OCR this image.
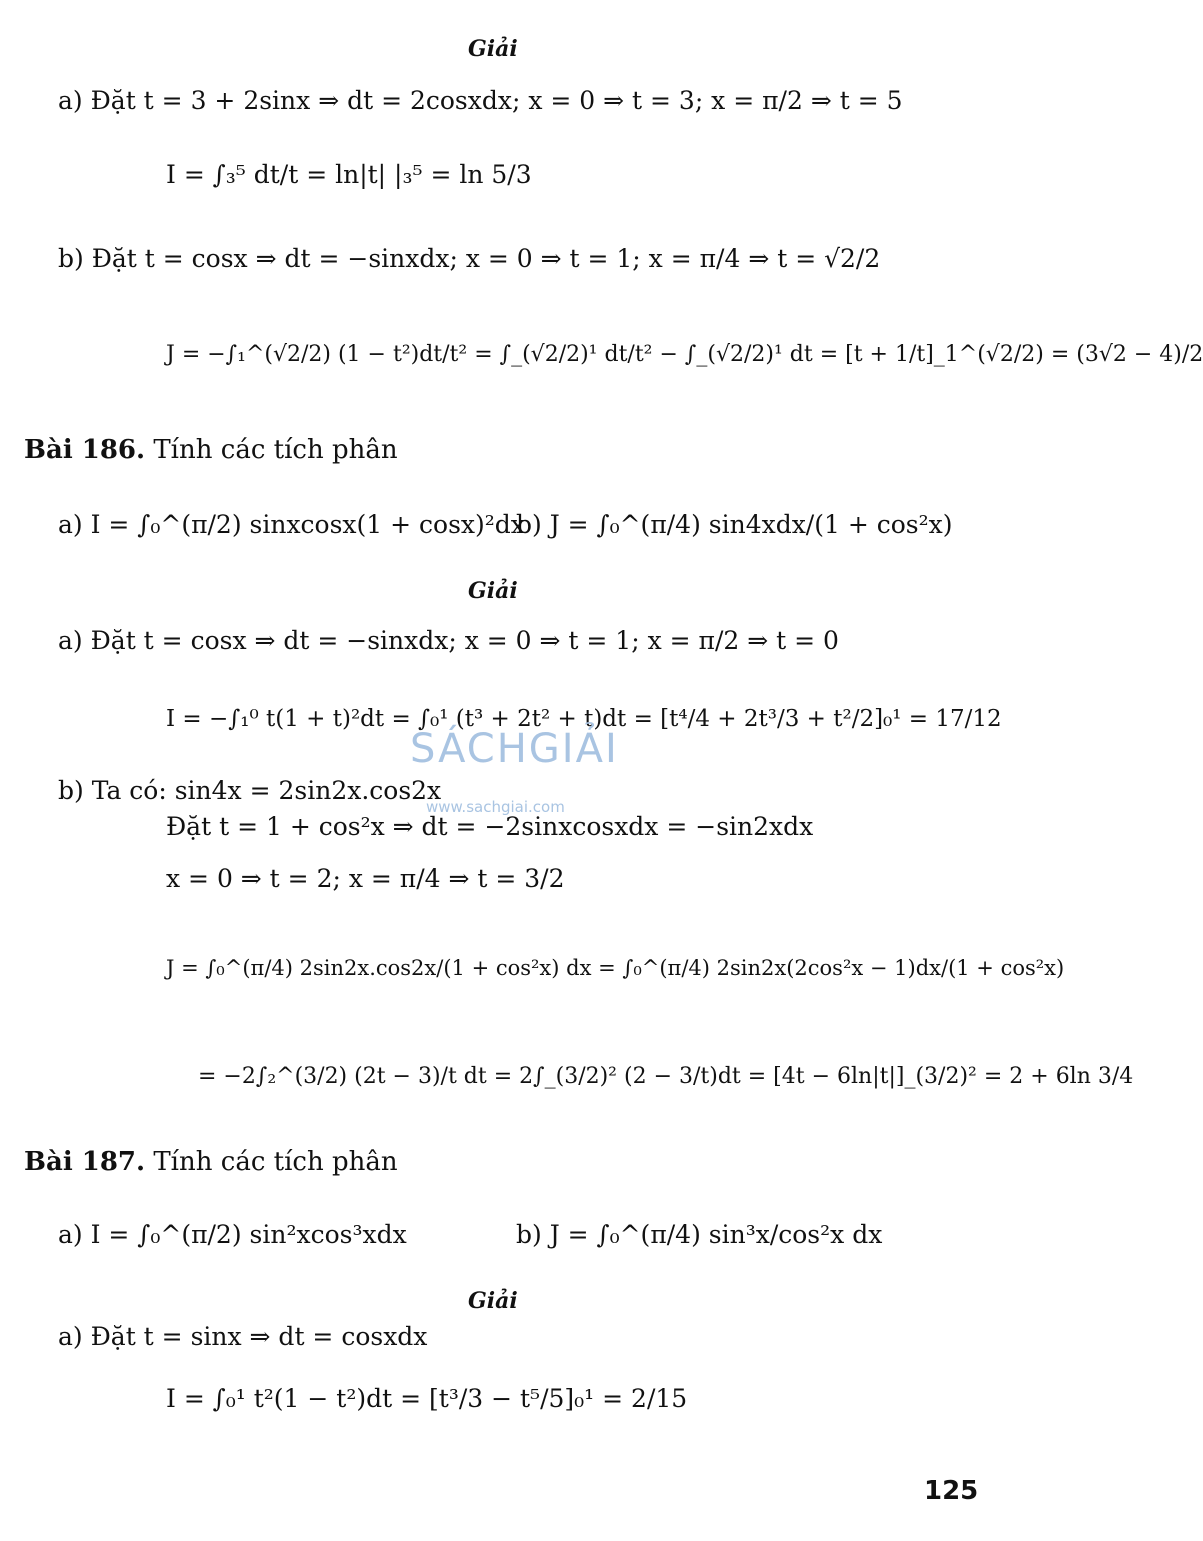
Giải
a) Đặt t = 3 + 2sinx ⇒ dt = 2cosxdx; x = 0 ⇒ t = 3; x = π/2 ⇒ t = 5
I = ∫₃⁵ dt/t = ln|t| |₃⁵ = ln 5/3
b) Đặt t = cosx ⇒ dt = −sinxdx; x = 0 ⇒ t = 1; x = π/4 ⇒ t = √2/2
J = −∫₁^(√2/2) (1 − t²)dt/t² = ∫_(√2/2)¹ dt/t² − ∫_(√2/2)¹ dt = [t + 1/t]_1^(√2/2) = (3√2 − 4)/2
Bài 186. Tính các tích phân
a) I = ∫₀^(π/2) sinxcosx(1 + cosx)²dx
b) J = ∫₀^(π/4) sin4xdx/(1 + cos²x)
Giải
a) Đặt t = cosx ⇒ dt = −sinxdx; x = 0 ⇒ t = 1; x = π/2 ⇒ t = 0
I = −∫₁⁰ t(1 + t)²dt = ∫₀¹ (t³ + 2t² + t)dt = [t⁴/4 + 2t³/3 + t²/2]₀¹ = 17/12
SÁCHGIẢI
www.sachgiai.com
b) Ta có: sin4x = 2sin2x.cos2x
Đặt t = 1 + cos²x ⇒ dt = −2sinxcosxdx = −sin2xdx
x = 0 ⇒ t = 2; x = π/4 ⇒ t = 3/2
J = ∫₀^(π/4) 2sin2x.cos2x/(1 + cos²x) dx = ∫₀^(π/4) 2sin2x(2cos²x − 1)dx/(1 + cos²x)
= −2∫₂^(3/2) (2t − 3)/t dt = 2∫_(3/2)² (2 − 3/t)dt = [4t − 6ln|t|]_(3/2)² = 2 + 6ln 3/4
Bài 187. Tính các tích phân
a) I = ∫₀^(π/2) sin²xcos³xdx	b) J = ∫₀^(π/4) sin³x/cos²x dx
Giải
a) Đặt t = sinx ⇒ dt = cosxdx
I = ∫₀¹ t²(1 − t²)dt = [t³/3 − t⁵/5]₀¹ = 2/15
125
